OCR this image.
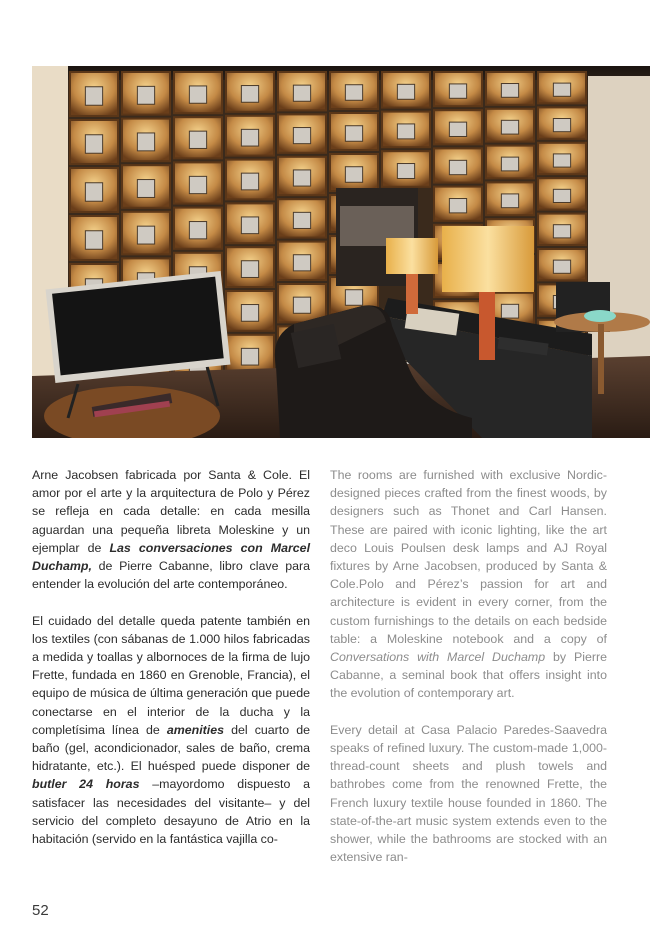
Arne Jacobsen fabricada por Santa & Cole. El amor por el arte y la arquitectura de Polo y Pérez se refleja en cada detalle: en cada mesilla aguardan una pequeña libreta Moleskine y un ejemplar de Las conversaciones con Marcel Duchamp, de Pierre Cabanne, libro clave para entender la evolución del arte contemporáneo.

El cuidado del detalle queda patente también en los textiles (con sábanas de 1.000 hilos fabricadas a medida y toallas y albornoces de la firma de lujo Frette, fundada en 1860 en Grenoble, Francia), el equipo de música de última generación que puede conectarse en el interior de la ducha y la completísima línea de amenities del cuarto de baño (gel, acondicionador, sales de baño, crema hidratante, etc.). El huésped puede disponer de butler 24 horas –mayordomo dispuesto a satisfacer las necesidades del visitante– y del servicio del completo desayuno de Atrio en la habitación (servido en la fantástica vajilla co-

The rooms are furnished with exclusive Nordic-designed pieces crafted from the finest woods, by designers such as Thonet and Carl Hansen. These are paired with iconic lighting, like the art deco Louis Poulsen desk lamps and AJ Royal fixtures by Arne Jacobsen, produced by Santa & Cole.Polo and Pérez’s passion for art and architecture is evident in every corner, from the custom furnishings to the details on each bedside table: a Moleskine notebook and a copy of Conversations with Marcel Duchamp by Pierre Cabanne, a seminal book that offers insight into the evolution of contemporary art.

Every detail at Casa Palacio Paredes-Saavedra speaks of refined luxury. The custom-made 1,000-thread-count sheets and plush towels and bathrobes come from the renowned Frette, the French luxury textile house founded in 1860. The state-of-the-art music system extends even to the shower, while the bathrooms are stocked with an extensive ran-

52
